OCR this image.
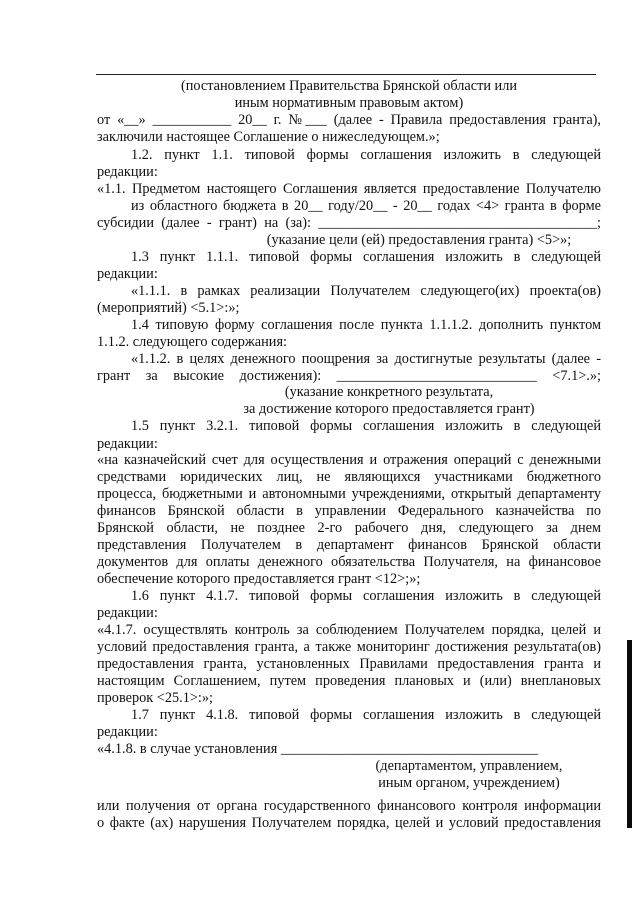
(постановлением Правительства Брянской области или
иным нормативным правовым актом)
от «__» ___________ 20__ г. №___ (далее - Правила предоставления гранта),
заключили настоящее Соглашение о нижеследующем.»;
1.2. пункт 1.1. типовой формы соглашения изложить в следующей
редакции:
«1.1. Предметом настоящего Соглашения является предоставление Получателю
из областного бюджета в 20__ году/20__ - 20__ годах <4> гранта в форме
субсидии (далее - грант) на (за): _______________________________________;
(указание цели (ей) предоставления гранта) <5>»;
1.3 пункт 1.1.1. типовой формы соглашения изложить в следующей
редакции:
«1.1.1. в рамках реализации Получателем следующего(их) проекта(ов)
(мероприятий) <5.1>:»;
1.4 типовую форму соглашения после пункта 1.1.1.2. дополнить пунктом
1.1.2. следующего содержания:
«1.1.2. в целях денежного поощрения за достигнутые результаты (далее -
грант за высокие достижения): ____________________________ <7.1>.»;
(указание конкретного результата,
за достижение которого предоставляется грант)
1.5 пункт 3.2.1. типовой формы соглашения изложить в следующей
редакции:
«на казначейский счет для осуществления и отражения операций с денежными
средствами юридических лиц, не являющихся участниками бюджетного
процесса, бюджетными и автономными учреждениями, открытый департаменту
финансов Брянской области в управлении Федерального казначейства по
Брянской области, не позднее 2-го рабочего дня, следующего за днем
представления Получателем в департамент финансов Брянской области
документов для оплаты денежного обязательства Получателя, на финансовое
обеспечение которого предоставляется грант <12>;»;
1.6 пункт 4.1.7. типовой формы соглашения изложить в следующей
редакции:
«4.1.7. осуществлять контроль за соблюдением Получателем порядка, целей и
условий предоставления гранта, а также мониторинг достижения результата(ов)
предоставления гранта, установленных Правилами предоставления гранта и
настоящим Соглашением, путем проведения плановых и (или) внеплановых
проверок <25.1>:»;
1.7 пункт 4.1.8. типовой формы соглашения изложить в следующей
редакции:
«4.1.8. в случае установления ____________________________________
(департаментом, управлением,
иным органом, учреждением)
или получения от органа государственного финансового контроля информации
о факте (ах) нарушения Получателем порядка, целей и условий предоставления
